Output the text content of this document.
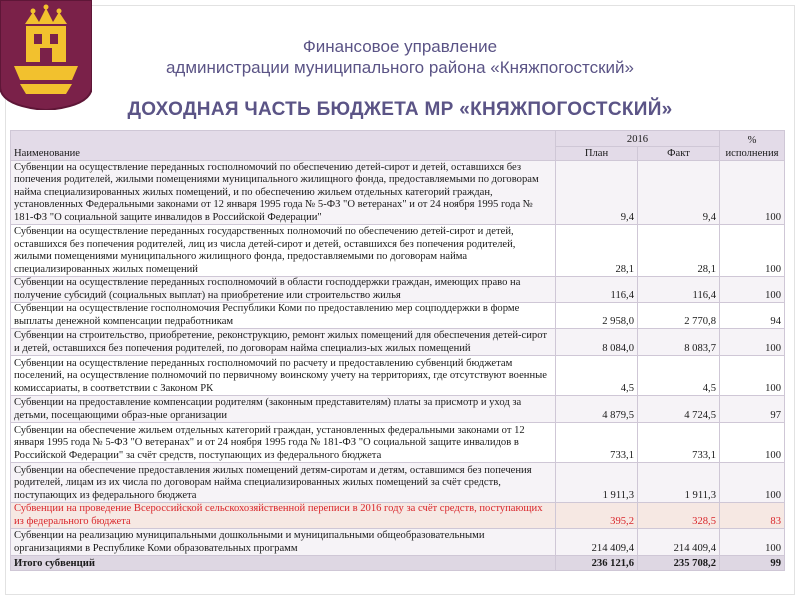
Финансовое управление
администрации муниципального района «Княжпогостский»
ДОХОДНАЯ ЧАСТЬ БЮДЖЕТА МР «КНЯЖПОГОСТСКИЙ»
Наименование	2016		% исполнения
	План	Факт	
Субвенции на осуществление переданных госполномочий по обеспечению детей-сирот и детей, оставшихся без попечения родителей, жилыми помещениями муниципального жилищного фонда, предоставляемыми по договорам найма специализированных жилых помещений, и по обеспечению жильем отдельных категорий граждан, установленных Федеральными законами от 12 января 1995 года № 5-ФЗ "О ветеранах" и от 24 ноября 1995 года № 181-ФЗ "О социальной защите инвалидов в Российской Федерации"	9,4	9,4	100
Субвенции на осуществление переданных государственных полномочий по обеспечению детей-сирот и детей, оставшихся без попечения родителей, лиц из числа детей-сирот и детей, оставшихся без попечения родителей, жилыми помещениями муниципального жилищного фонда, предоставляемыми по договорам найма специализированных жилых помещений	28,1	28,1	100
Субвенции на осуществление переданных госполномочий в области господдержки граждан, имеющих право на получение субсидий (социальных выплат) на приобретение или строительство жилья	116,4	116,4	100
Субвенции на осуществление госполномочия Республики Коми по предоставлению мер соцподдержки в форме выплаты денежной компенсации педработникам	2 958,0	2 770,8	94
Субвенции на строительство, приобретение, реконструкцию, ремонт жилых помещений для обеспечения детей-сирот и детей, оставшихся без попечения родителей, по договорам найма специализ-ых жилых помещений	8 084,0	8 083,7	100
Субвенции на осуществление переданных госполномочий по расчету и предоставлению субвенций бюджетам поселений, на осуществление полномочий по первичному воинскому учету на территориях, где отсутствуют военные комиссариаты, в соответствии с Законом РК	4,5	4,5	100
Субвенции на предоставление компенсации родителям (законным представителям) платы за присмотр и уход за детьми, посещающими образ-ные организации	4 879,5	4 724,5	97
Субвенции на обеспечение жильем отдельных категорий граждан, установленных федеральными законами от 12 января 1995 года № 5-ФЗ "О ветеранах" и от 24 ноября 1995 года № 181-ФЗ "О социальной защите инвалидов в Российской Федерации" за счёт средств, поступающих из федерального бюджета	733,1	733,1	100
Субвенции на обеспечение предоставления жилых помещений детям-сиротам и детям, оставшимся без попечения родителей, лицам из их числа по договорам найма специализированных жилых помещений за счёт средств, поступающих из федерального бюджета	1 911,3	1 911,3	100
Субвенции на проведение Всероссийской сельскохозяйственной переписи в 2016 году за счёт средств, поступающих из федерального бюджета	395,2	328,5	83
Субвенции на реализацию муниципальными дошкольными и муниципальными общеобразовательными организациями в Республике Коми образовательных программ	214 409,4	214 409,4	100
Итого субвенций	236 121,6	235 708,2	99
